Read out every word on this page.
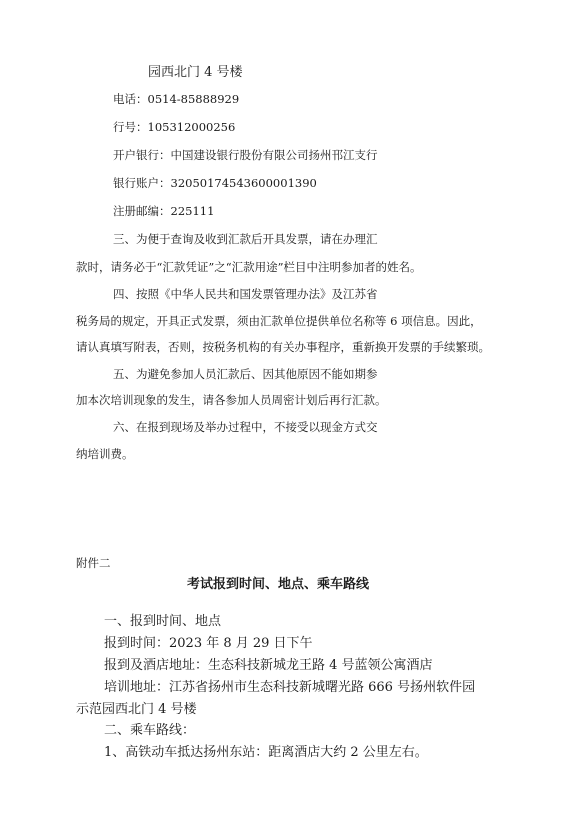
园西北门 4 号楼
电话：0514-85888929
行号：105312000256
开户银行：中国建设银行股份有限公司扬州邗江支行
银行账户：32050174543600001390
注册邮编：225111
三、为便于查询及收到汇款后开具发票，请在办理汇
款时，请务必于“汇款凭证”之“汇款用途”栏目中注明参加者的姓名。
四、按照《中华人民共和国发票管理办法》及江苏省
税务局的规定，开具正式发票，须由汇款单位提供单位名称等 6 项信息。因此，
请认真填写附表，否则，按税务机构的有关办事程序，重新换开发票的手续繁琐。
五、为避免参加人员汇款后、因其他原因不能如期参
加本次培训现象的发生，请各参加人员周密计划后再行汇款。
六、在报到现场及举办过程中，不接受以现金方式交
纳培训费。
附件二
考试报到时间、地点、乘车路线
一、报到时间、地点
报到时间：2023 年 8 月 29 日下午
报到及酒店地址：生态科技新城龙王路 4 号蓝领公寓酒店
培训地址：江苏省扬州市生态科技新城曙光路 666 号扬州软件园
示范园西北门 4 号楼
二、乘车路线：
1、高铁动车抵达扬州东站：距离酒店大约 2 公里左右。
